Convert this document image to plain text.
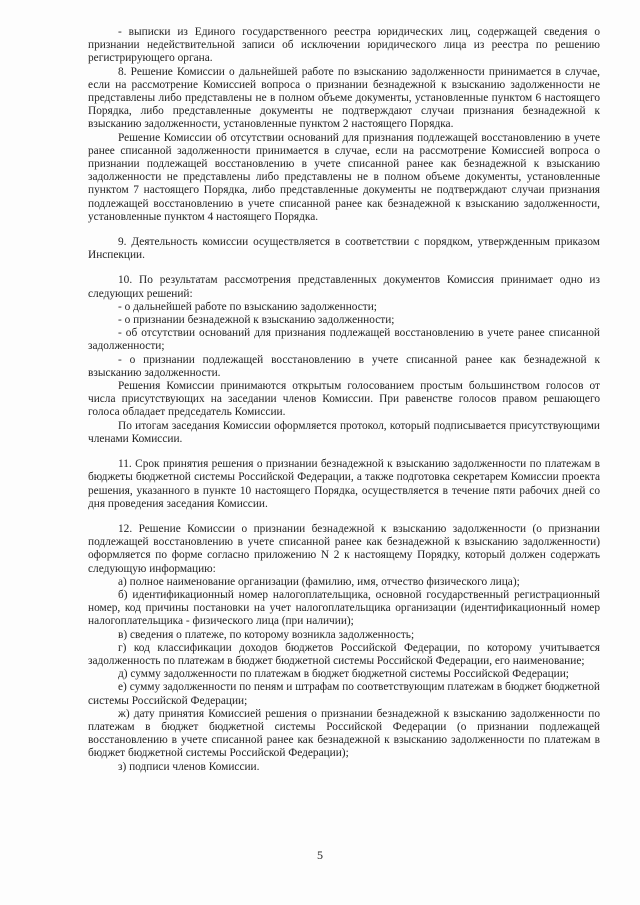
- выписки из Единого государственного реестра юридических лиц, содержащей сведения о признании недействительной записи об исключении юридического лица из реестра по решению регистрирующего органа.

8. Решение Комиссии о дальнейшей работе по взысканию задолженности принимается в случае, если на рассмотрение Комиссией вопроса о признании безнадежной к взысканию задолженности не представлены либо представлены не в полном объеме документы, установленные пунктом 6 настоящего Порядка, либо представленные документы не подтверждают случаи признания безнадежной к взысканию задолженности, установленные пунктом 2 настоящего Порядка.

Решение Комиссии об отсутствии оснований для признания подлежащей восстановлению в учете ранее списанной задолженности принимается в случае, если на рассмотрение Комиссией вопроса о признании подлежащей восстановлению в учете списанной ранее как безнадежной к взысканию задолженности не представлены либо представлены не в полном объеме документы, установленные пунктом 7 настоящего Порядка, либо представленные документы не подтверждают случаи признания подлежащей восстановлению в учете списанной ранее как безнадежной к взысканию задолженности, установленные пунктом 4 настоящего Порядка.

9. Деятельность комиссии осуществляется в соответствии с порядком, утвержденным приказом Инспекции.

10. По результатам рассмотрения представленных документов Комиссия принимает одно из следующих решений:

- о дальнейшей работе по взысканию задолженности;

- о признании безнадежной к взысканию задолженности;

- об отсутствии оснований для признания подлежащей восстановлению в учете ранее списанной задолженности;

- о признании подлежащей восстановлению в учете списанной ранее как безнадежной к взысканию задолженности.

Решения Комиссии принимаются открытым голосованием простым большинством голосов от числа присутствующих на заседании членов Комиссии. При равенстве голосов правом решающего голоса обладает председатель Комиссии.

По итогам заседания Комиссии оформляется протокол, который подписывается присутствующими членами Комиссии.

11. Срок принятия решения о признании безнадежной к взысканию задолженности по платежам в бюджеты бюджетной системы Российской Федерации, а также подготовка секретарем Комиссии проекта решения, указанного в пункте 10 настоящего Порядка, осуществляется в течение пяти рабочих дней со дня проведения заседания Комиссии.

12. Решение Комиссии о признании безнадежной к взысканию задолженности (о признании подлежащей восстановлению в учете списанной ранее как безнадежной к взысканию задолженности) оформляется по форме согласно приложению N 2 к настоящему Порядку, который должен содержать следующую информацию:

а) полное наименование организации (фамилию, имя, отчество физического лица);

б) идентификационный номер налогоплательщика, основной государственный регистрационный номер, код причины постановки на учет налогоплательщика организации (идентификационный номер налогоплательщика - физического лица (при наличии);

в) сведения о платеже, по которому возникла задолженность;

г) код классификации доходов бюджетов Российской Федерации, по которому учитывается задолженность по платежам в бюджет бюджетной системы Российской Федерации, его наименование;

д) сумму задолженности по платежам в бюджет бюджетной системы Российской Федерации;

е) сумму задолженности по пеням и штрафам по соответствующим платежам в бюджет бюджетной системы Российской Федерации;

ж) дату принятия Комиссией решения о признании безнадежной к взысканию задолженности по платежам в бюджет бюджетной системы Российской Федерации (о признании подлежащей восстановлению в учете списанной ранее как безнадежной к взысканию задолженности по платежам в бюджет бюджетной системы Российской Федерации);

з) подписи членов Комиссии.

5
